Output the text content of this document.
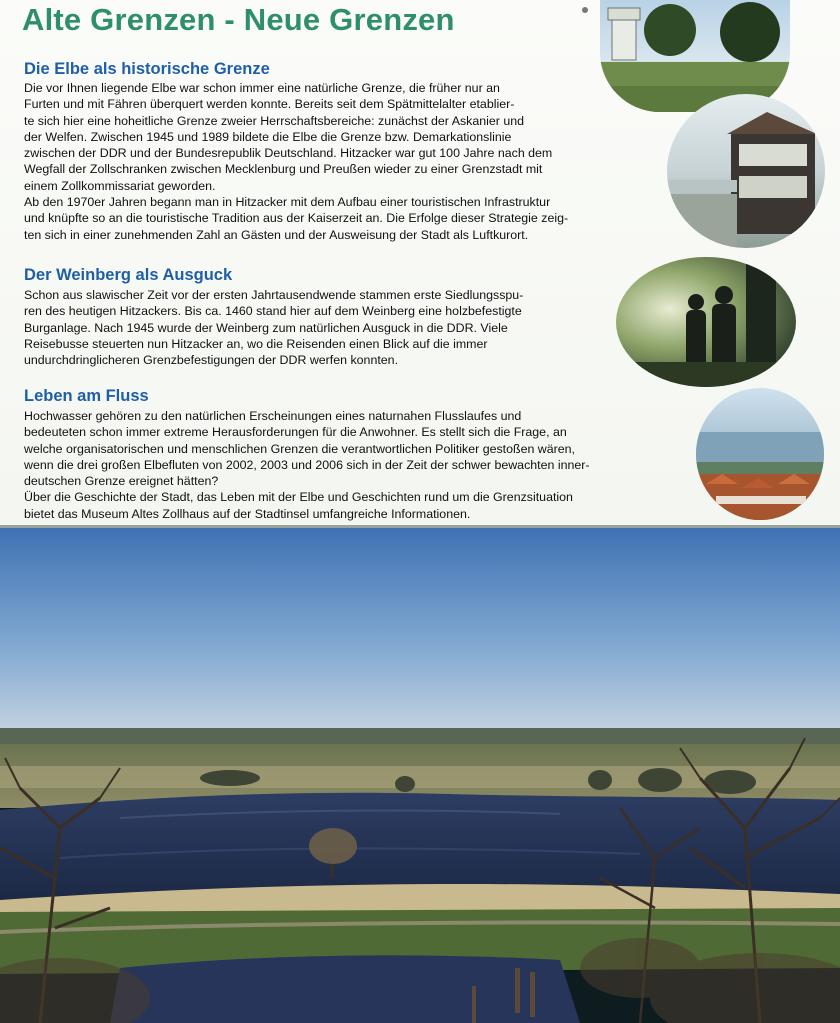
Alte Grenzen - Neue Grenzen
Die Elbe als historische Grenze
Die vor Ihnen liegende Elbe war schon immer eine natürliche Grenze, die früher nur an
Furten und mit Fähren überquert werden konnte. Bereits seit dem Spätmittelalter etablier-
te sich hier eine hoheitliche Grenze zweier Herrschaftsbereiche: zunächst der Askanier und
der Welfen. Zwischen 1945 und 1989 bildete die Elbe die Grenze bzw. Demarkationslinie
zwischen der DDR und der Bundesrepublik Deutschland. Hitzacker war gut 100 Jahre nach dem
Wegfall der Zollschranken zwischen Mecklenburg und Preußen wieder zu einer Grenzstadt mit
einem Zollkommissariat geworden.
Ab den 1970er Jahren begann man in Hitzacker mit dem Aufbau einer touristischen Infrastruktur
und knüpfte so an die touristische Tradition aus der Kaiserzeit an. Die Erfolge dieser Strategie zeig-
ten sich in einer zunehmenden Zahl an Gästen und der Ausweisung der Stadt als Luftkurort.
Der Weinberg als Ausguck
Schon aus slawischer Zeit vor der ersten Jahrtausendwende stammen erste Siedlungsspu-
ren des heutigen Hitzackers. Bis ca. 1460 stand hier auf dem Weinberg eine holzbefestigte
Burganlage. Nach 1945 wurde der Weinberg zum natürlichen Ausguck in die DDR. Viele
Reisebusse steuerten nun Hitzacker an, wo die Reisenden einen Blick auf die immer
undurchdringlicheren Grenzbefestigungen der DDR werfen konnten.
Leben am Fluss
Hochwasser gehören zu den natürlichen Erscheinungen eines naturnahen Flusslaufes und
bedeuteten schon immer extreme Herausforderungen für die Anwohner. Es stellt sich die Frage, an
welche organisatorischen und menschlichen Grenzen die verantwortlichen Politiker gestoßen wären,
wenn die drei großen Elbefluten von 2002, 2003 und 2006 sich in der Zeit der schwer bewachten inner-
deutschen Grenze ereignet hätten?
Über die Geschichte der Stadt, das Leben mit der Elbe und Geschichten rund um die Grenzsituation
bietet das Museum Altes Zollhaus auf der Stadtinsel umfangreiche Informationen.
